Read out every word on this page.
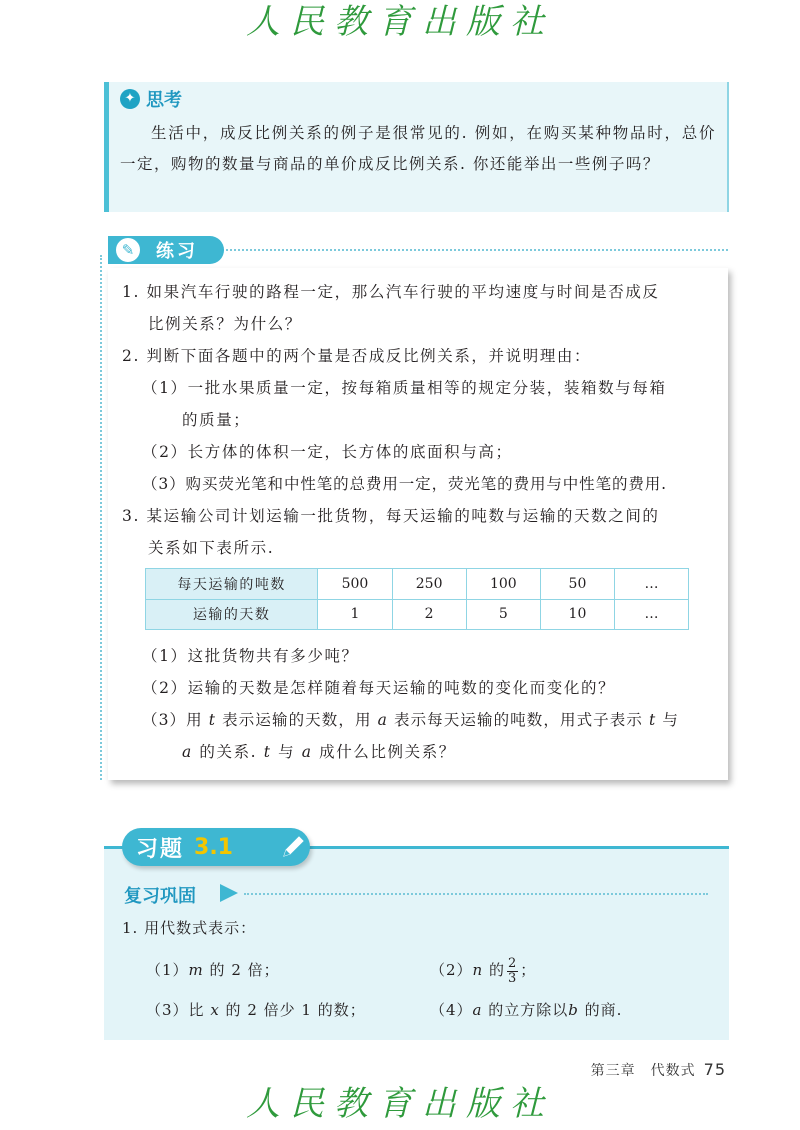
人民教育出版社
✦ 思考
生活中，成反比例关系的例子是很常见的. 例如，在购买某种物品时，总价一定，购物的数量与商品的单价成反比例关系. 你还能举出一些例子吗？
✎	练习
1. 如果汽车行驶的路程一定，那么汽车行驶的平均速度与时间是否成反
比例关系？为什么？
2. 判断下面各题中的两个量是否成反比例关系，并说明理由：
（1）一批水果质量一定，按每箱质量相等的规定分装，装箱数与每箱
的质量；
（2）长方体的体积一定，长方体的底面积与高；
（3）购买荧光笔和中性笔的总费用一定，荧光笔的费用与中性笔的费用.
3. 某运输公司计划运输一批货物，每天运输的吨数与运输的天数之间的
关系如下表所示.
每天运输的吨数	500	250	100	50	…
运输的天数	1	2	5	10	…
（1）这批货物共有多少吨？
（2）运输的天数是怎样随着每天运输的吨数的变化而变化的？
（3）用 t 表示运输的天数，用 a 表示每天运输的吨数，用式子表示 t 与
a 的关系. t 与 a 成什么比例关系？
习题 3.1
复习巩固
1. 用代数式表示：
（1）m 的 2 倍；	（2）n 的 $\frac{2}{3}$ ；
（3）比 x 的 2 倍少 1 的数；	（4）a 的立方除以b 的商.
第三章　代数式 75
人民教育出版社
